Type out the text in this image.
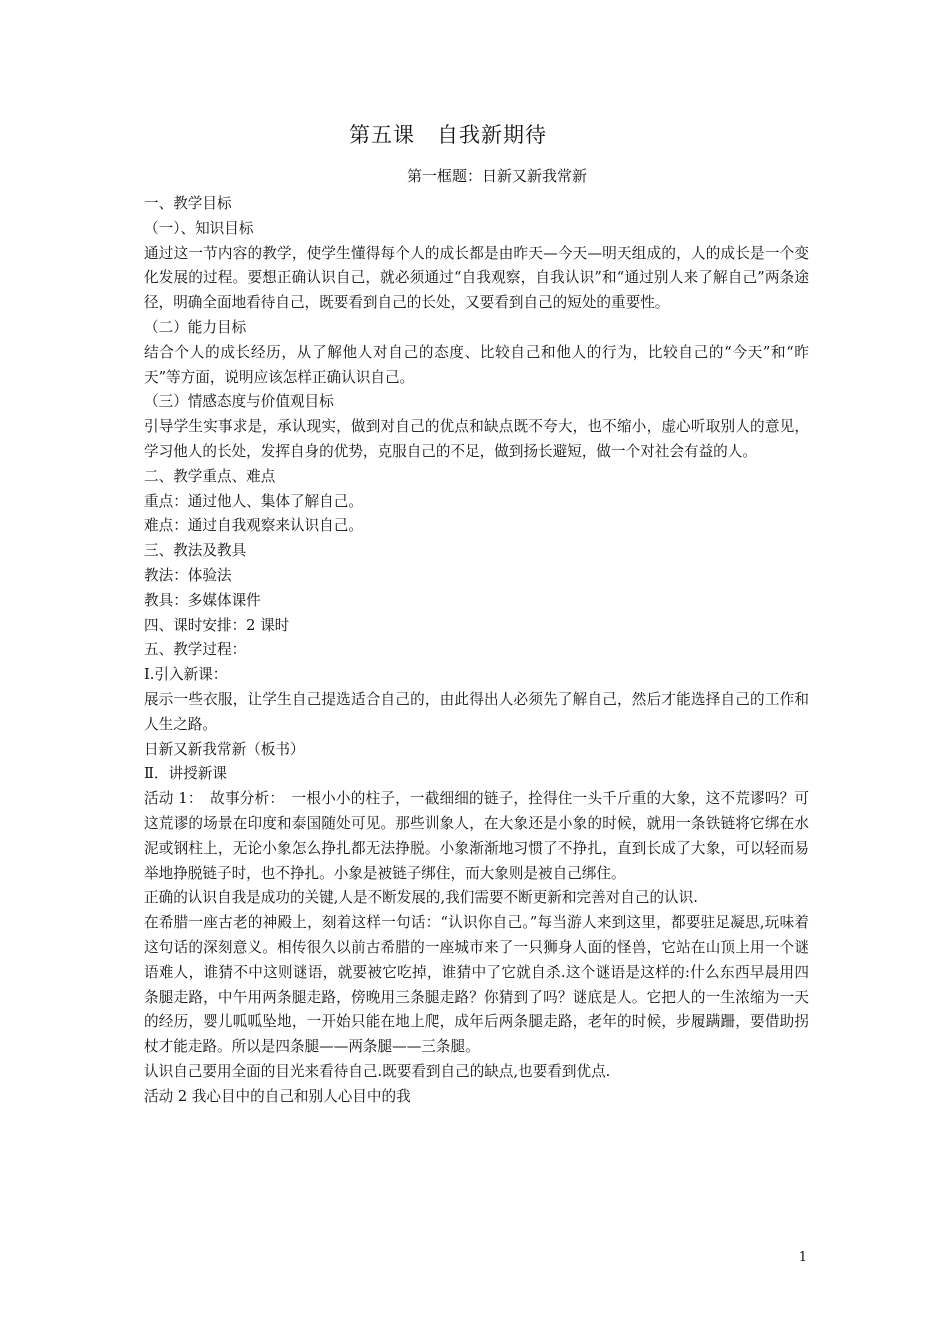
第五课　自我新期待
第一框题：日新又新我常新

一、教学目标

（一）、知识目标

通过这一节内容的教学，使学生懂得每个人的成长都是由昨天—今天—明天组成的，人的成长是一个变化发展的过程。要想正确认识自己，就必须通过“自我观察，自我认识”和“通过别人来了解自己”两条途径，明确全面地看待自己，既要看到自己的长处，又要看到自己的短处的重要性。

（二）能力目标

结合个人的成长经历，从了解他人对自己的态度、比较自己和他人的行为，比较自己的“今天”和“昨天”等方面，说明应该怎样正确认识自己。

（三）情感态度与价值观目标

引导学生实事求是，承认现实，做到对自己的优点和缺点既不夸大，也不缩小，虚心听取别人的意见，学习他人的长处，发挥自身的优势，克服自己的不足，做到扬长避短，做一个对社会有益的人。

二、教学重点、难点

重点：通过他人、集体了解自己。

难点：通过自我观察来认识自己。

三、教法及教具

教法：体验法

教具：多媒体课件

四、课时安排：2 课时

五、教学过程：

Ⅰ.引入新课：

展示一些衣服，让学生自己提选适合自己的，由此得出人必须先了解自己，然后才能选择自己的工作和人生之路。

日新又新我常新（板书）

Ⅱ．讲授新课

活动 1：　故事分析：　一根小小的柱子，一截细细的链子，拴得住一头千斤重的大象，这不荒谬吗？可这荒谬的场景在印度和泰国随处可见。那些训象人，在大象还是小象的时候，就用一条铁链将它绑在水泥或钢柱上，无论小象怎么挣扎都无法挣脱。小象渐渐地习惯了不挣扎，直到长成了大象，可以轻而易举地挣脱链子时，也不挣扎。小象是被链子绑住，而大象则是被自己绑住。

正确的认识自我是成功的关键,人是不断发展的,我们需要不断更新和完善对自己的认识.

在希腊一座古老的神殿上，刻着这样一句话：“认识你自己。”每当游人来到这里，都要驻足凝思,玩味着这句话的深刻意义。相传很久以前古希腊的一座城市来了一只狮身人面的怪兽，它站在山顶上用一个谜语难人，谁猜不中这则谜语，就要被它吃掉，谁猜中了它就自杀.这个谜语是这样的:什么东西早晨用四条腿走路，中午用两条腿走路，傍晚用三条腿走路？你猜到了吗？谜底是人。它把人的一生浓缩为一天的经历，婴儿呱呱坠地，一开始只能在地上爬，成年后两条腿走路，老年的时候，步履蹒跚，要借助拐杖才能走路。所以是四条腿——两条腿——三条腿。

认识自己要用全面的目光来看待自己.既要看到自己的缺点,也要看到优点.

活动 2 我心目中的自己和别人心目中的我

1
